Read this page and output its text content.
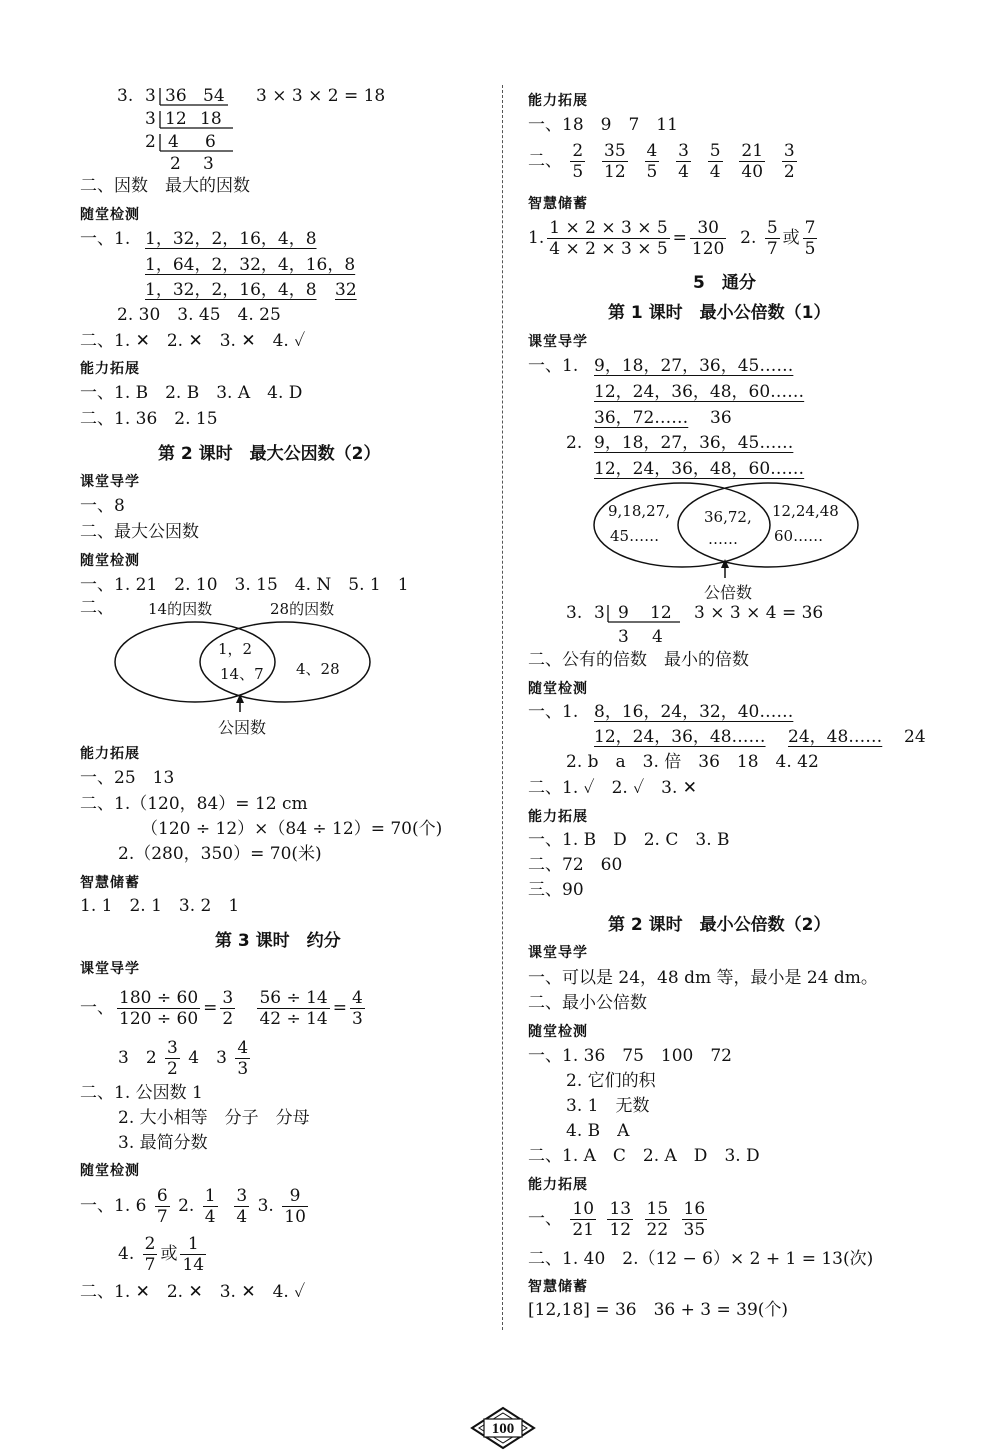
3. 3 36 54 3 × 3 × 2 = 18
3 12 18
2 4 6
2 3
二、因数　最大的因数
随堂检测
一、1. 1，32，2，16，4，8
1，64，2，32，4，16，8
1，32，2，16，4，8 32
2. 30　3. 45　4. 25
二、1. ✕　2. ✕　3. ✕　4. ✓
能力拓展
一、1. B　2. B　3. A　4. D
二、1. 36　2. 15
第 2 课时　最大公因数（2）
课堂导学
一、8
二、最大公因数
随堂检测
一、1. 21　2. 10　3. 15　4. N　5. 1　1
二、 14的因数	28的因数
1，2
14、7 4、28
公因数
能力拓展
一、25　13
二、1.（120，84）= 12 cm
（120 ÷ 12）×（84 ÷ 12）= 70(个)
2.（280，350）= 70(米)
智慧储蓄
1. 1　2. 1　3. 2　1
第 3 课时　约分
课堂导学
一、 $\frac{180 \div 60}{120 \div 60} = \frac{3}{2}$
$\frac{56 \div 14}{42 \div 14} = \frac{4}{3}$
3　$2 \frac{3}{2} 4$　$3 \frac{4}{3}$
二、1. 公因数 1
2. 大小相等　分子　分母
3. 最简分数
随堂检测
一、1. $6 \frac{6}{7} 2$. $\frac{1}{4}$
$\frac{3}{4} 3$. $\frac{9}{10}$
4. $\frac{2}{7}$ 或 $\frac{1}{14}$
二、1. ✕　2. ✕　3. ✕　4. ✓
能力拓展
一、18　9　7　11
二、 $\frac{2}{5}$
$\frac{35}{12}$
$\frac{4}{5}$
$\frac{3}{4}$
$\frac{5}{4}$
$\frac{21}{40}$
$\frac{3}{2}$

智慧储蓄
1. $\frac{1 \times 2 \times 3 \times 5}{4 \times 2 \times 3 \times 5} = \frac{30}{120} 2$. $\frac{5}{7}$ 或 $\frac{7}{5}$
5　通分
第 1 课时　最小公倍数（1）
课堂导学
一、1. 9，18，27，36，45……
12，24，36，48，60……
36，72…… 36
2. 9，18，27，36，45……
12，24，36，48，60……
9,18,27,
45……
36,72,
……
12,24,48
60……
公倍数
3. 3 9 12 3 × 3 × 4 = 36
3 4
二、公有的倍数　最小的倍数
随堂检测
一、1. 8，16，24，32，40……
12，24，36，48…… 24，48…… 24
2. b　a　3. 倍　36　18　4. 42
二、1. ✓　2. ✓　3. ✕
能力拓展
一、1. B　D　2. C　3. B
二、72　60
三、90
第 2 课时　最小公倍数（2）
课堂导学
一、可以是 24，48 dm 等，最小是 24 dm。
二、最小公倍数
随堂检测
一、1. 36　75　100　72
2. 它们的积
3. 1　无数
4. B　A
二、1. A　C　2. A　D　3. D
能力拓展
一、 $\frac{10}{21}$
$\frac{13}{12}$
$\frac{15}{22}$
$\frac{16}{35}$

二、1. 40　2.（12 − 6）× 2 + 1 = 13(次)
智慧储蓄
[12,18] = 36　36 + 3 = 39(个)
100
